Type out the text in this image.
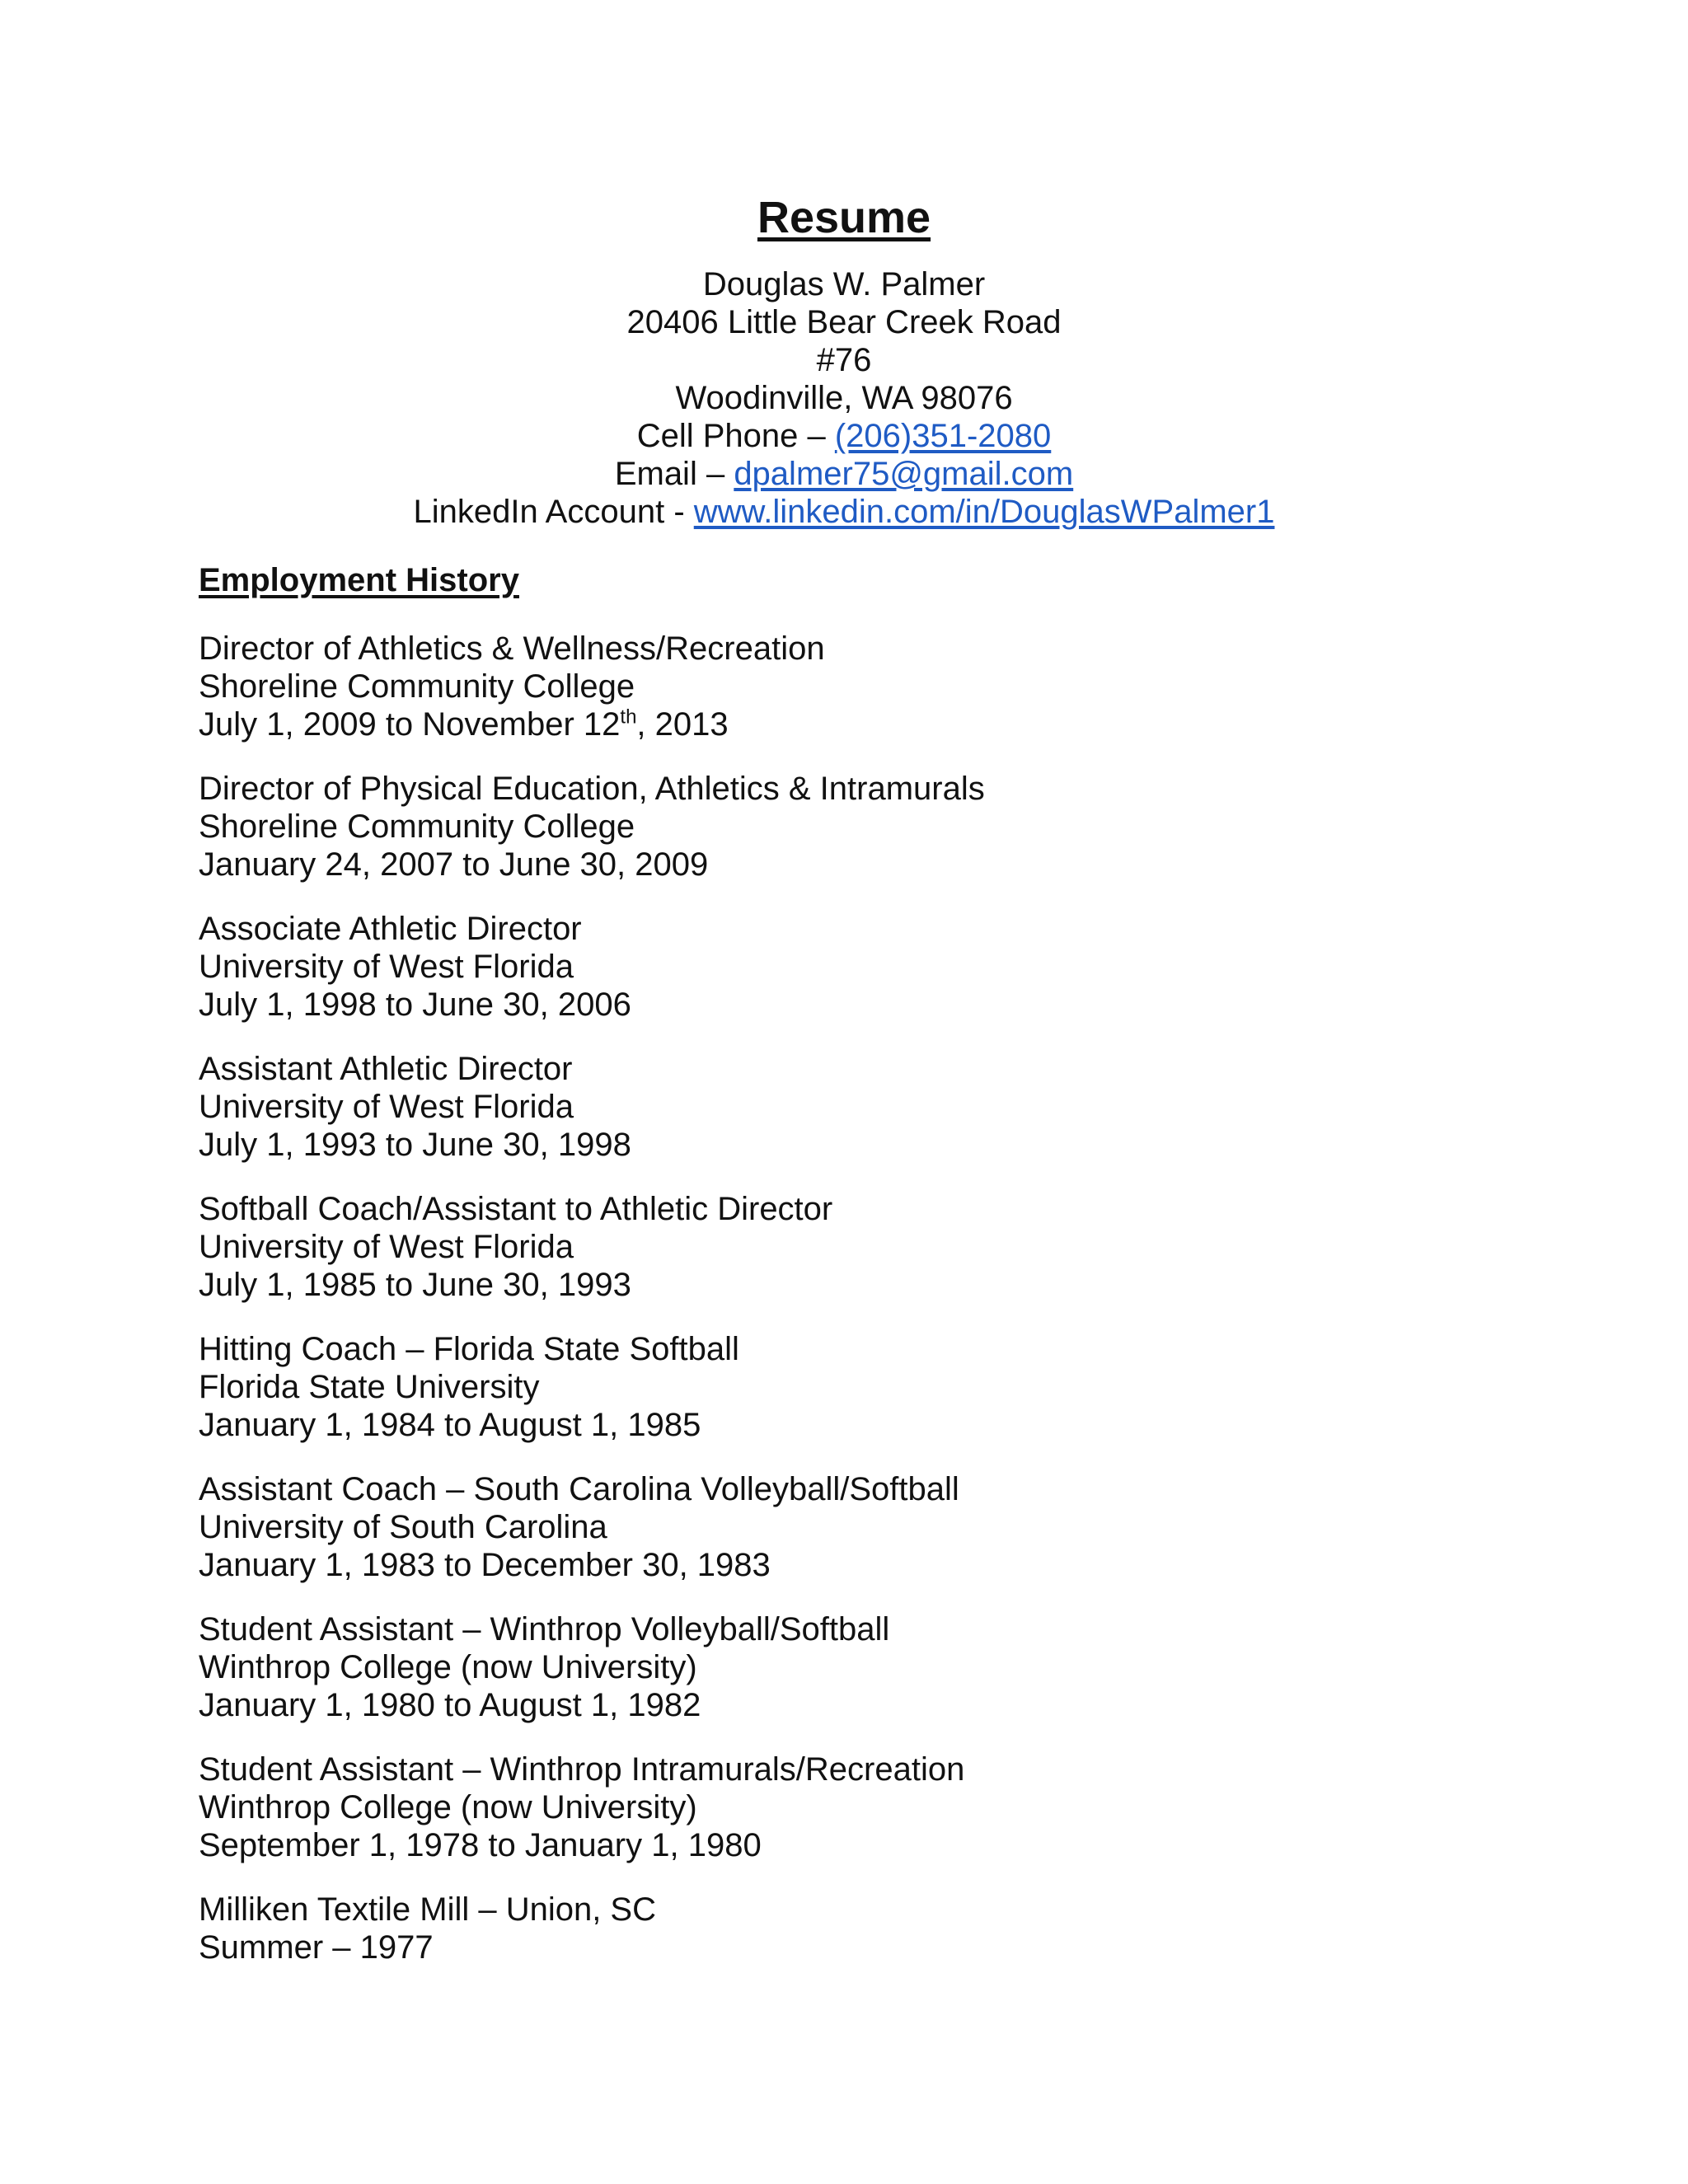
Resume

Douglas W. Palmer

20406 Little Bear Creek Road

#76

Woodinville, WA 98076

Cell Phone – (206)351-2080

Email – dpalmer75@gmail.com

LinkedIn Account - www.linkedin.com/in/DouglasWPalmer1

Employment History

Director of Athletics & Wellness/Recreation

Shoreline Community College

July 1, 2009 to November 12th, 2013

Director of Physical Education, Athletics & Intramurals

Shoreline Community College

January 24, 2007 to June 30, 2009

Associate Athletic Director

University of West Florida

July 1, 1998 to June 30, 2006

Assistant Athletic Director

University of West Florida

July 1, 1993 to June 30, 1998

Softball Coach/Assistant to Athletic Director

University of West Florida

July 1, 1985 to June 30, 1993

Hitting Coach – Florida State Softball

Florida State University

January 1, 1984 to August 1, 1985

Assistant Coach – South Carolina Volleyball/Softball

University of South Carolina

January 1, 1983 to December 30, 1983

Student Assistant – Winthrop Volleyball/Softball

Winthrop College (now University)

January 1, 1980 to August 1, 1982

Student Assistant – Winthrop Intramurals/Recreation

Winthrop College (now University)

September 1, 1978 to January 1, 1980

Milliken Textile Mill – Union, SC

Summer – 1977
